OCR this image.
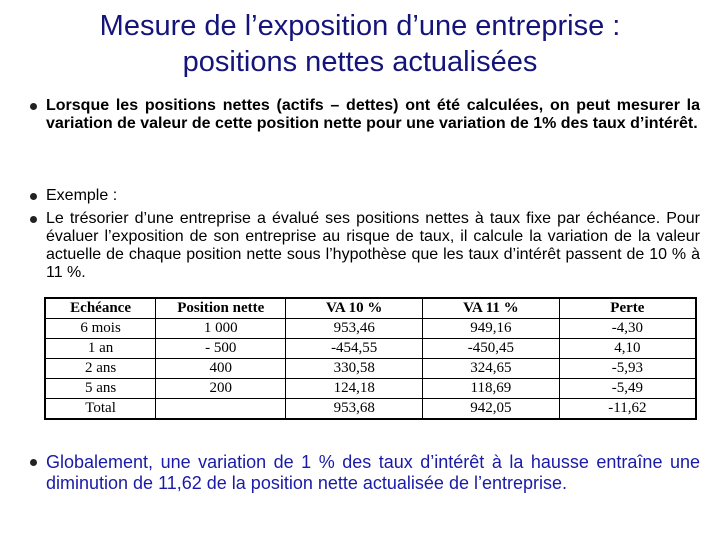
Mesure de l’exposition d’une entreprise :
positions nettes actualisées
Lorsque les positions nettes (actifs – dettes) ont été calculées, on peut mesurer la variation de valeur de cette position nette pour une variation de 1% des taux d’intérêt.
Exemple :
Le trésorier d’une entreprise a évalué ses positions nettes à taux fixe par échéance. Pour évaluer l’exposition de son entreprise au risque de taux, il calcule la variation de la valeur actuelle de chaque position nette sous l’hypothèse que les taux d’intérêt passent de 10 % à 11 %.
Echéance	Position nette	VA 10 %	VA 11 %	Perte
6 mois	1 000	953,46	949,16	-4,30
1 an	- 500	-454,55	-450,45	4,10
2 ans	400	330,58	324,65	-5,93
5 ans	200	124,18	118,69	-5,49
Total		953,68	942,05	-11,62
Globalement, une variation de 1 % des taux d’intérêt à la hausse entraîne une diminution de 11,62 de la position nette actualisée de l’entreprise.
